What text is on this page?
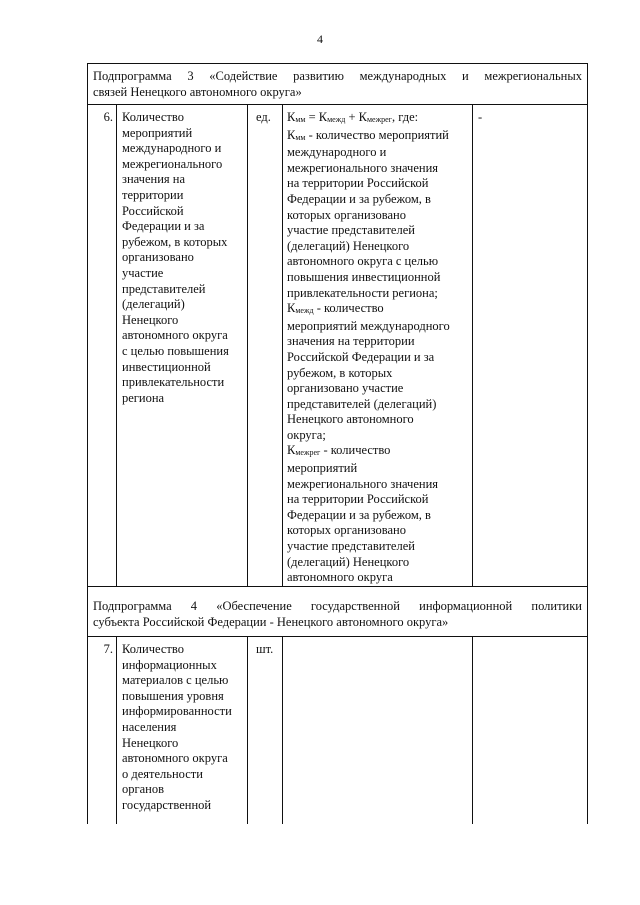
4
Подпрограмма 3 «Содействие развитию международных и межрегиональных
связей Ненецкого автономного округа»
6. Количество
мероприятий
международного и
межрегионального
значения на
территории
Российской
Федерации и за
рубежом, в которых
организовано
участие
представителей
(делегаций)
Ненецкого
автономного округа
с целью повышения
инвестиционной
привлекательности
региона
ед.	Кмм = Кмежд + Кмежрег, где:
Кмм - количество мероприятий
международного и
межрегионального значения
на территории Российской
Федерации и за рубежом, в
которых организовано
участие представителей
(делегаций) Ненецкого
автономного округа с целью
повышения инвестиционной
привлекательности региона;
Кмежд - количество
мероприятий международного
значения на территории
Российской Федерации и за
рубежом, в которых
организовано участие
представителей (делегаций)
Ненецкого автономного
округа;
Кмежрег - количество
мероприятий
межрегионального значения
на территории Российской
Федерации и за рубежом, в
которых организовано
участие представителей
(делегаций) Ненецкого
автономного округа
-
Подпрограмма 4 «Обеспечение государственной информационной политики
субъекта Российской Федерации - Ненецкого автономного округа»
7. Количество
информационных
материалов с целью
повышения уровня
информированности
населения
Ненецкого
автономного округа
о деятельности
органов
государственной
шт.
